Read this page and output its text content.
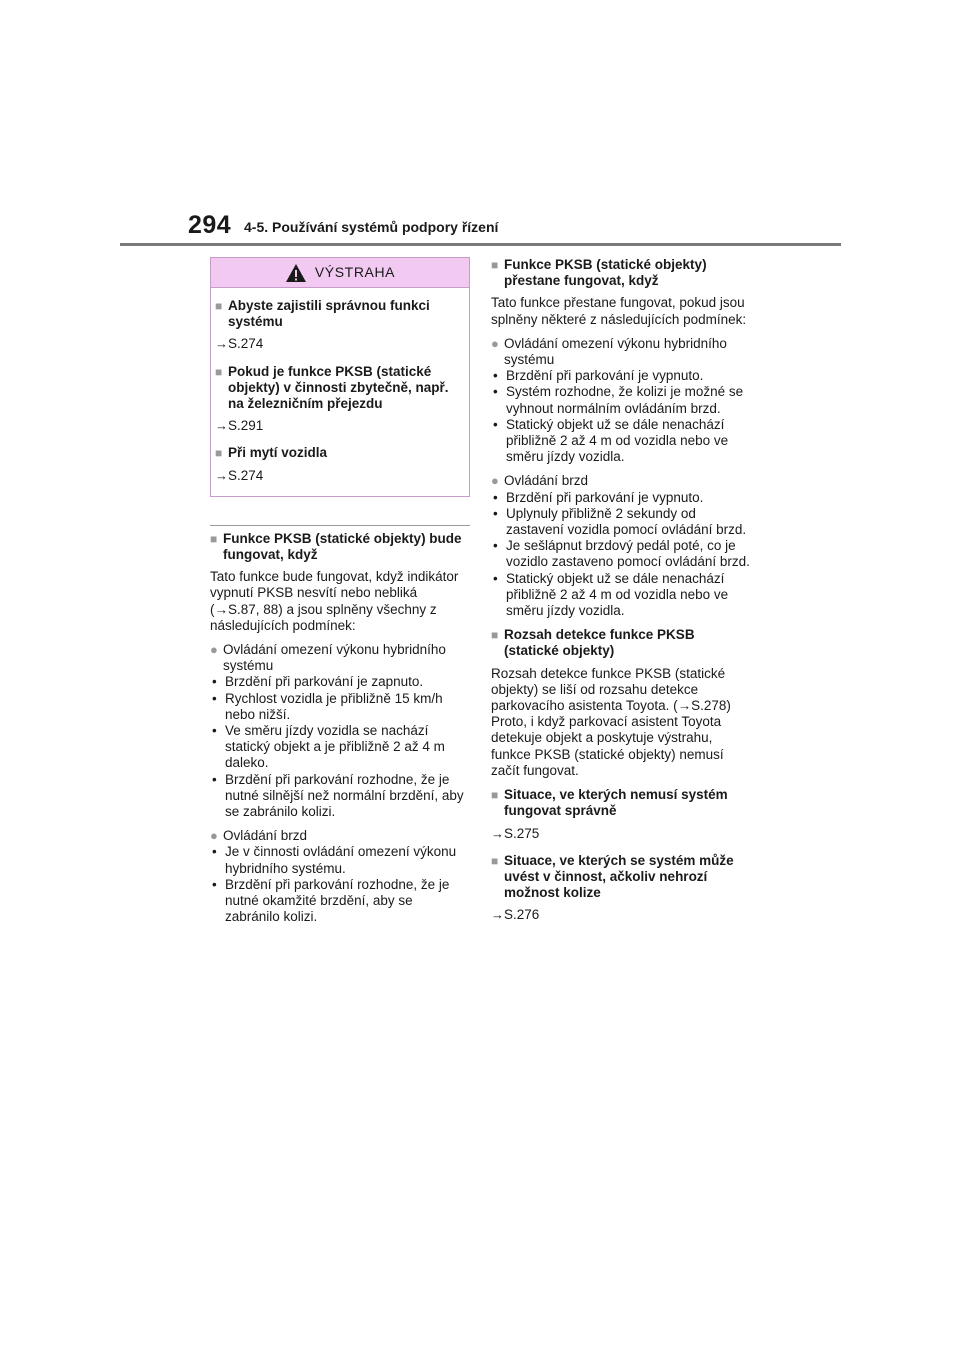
294 4-5. Používání systémů podpory řízení
VÝSTRAHA
■ Abyste zajistili správnou funkci systému
→S.274
■ Pokud je funkce PKSB (statické objekty) v činnosti zbytečně, např. na železničním přejezdu
→S.291
■ Při mytí vozidla
→S.274
■ Funkce PKSB (statické objekty) bude fungovat, když
Tato funkce bude fungovat, když indikátor vypnutí PKSB nesvítí nebo nebliká (→S.87, 88) a jsou splněny všechny z následujících podmínek:
● Ovládání omezení výkonu hybridního systému
• Brzdění při parkování je zapnuto.
• Rychlost vozidla je přibližně 15 km/h nebo nižší.
• Ve směru jízdy vozidla se nachází statický objekt a je přibližně 2 až 4 m daleko.
• Brzdění při parkování rozhodne, že je nutné silnější než normální brzdění, aby se zabránilo kolizi.
● Ovládání brzd
• Je v činnosti ovládání omezení výkonu hybridního systému.
• Brzdění při parkování rozhodne, že je nutné okamžité brzdění, aby se zabránilo kolizi.
■ Funkce PKSB (statické objekty) přestane fungovat, když
Tato funkce přestane fungovat, pokud jsou splněny některé z následujících podmínek:
● Ovládání omezení výkonu hybridního systému
• Brzdění při parkování je vypnuto.
• Systém rozhodne, že kolizi je možné se vyhnout normálním ovládáním brzd.
• Statický objekt už se dále nenachází přibližně 2 až 4 m od vozidla nebo ve směru jízdy vozidla.
● Ovládání brzd
• Brzdění při parkování je vypnuto.
• Uplynuly přibližně 2 sekundy od zastavení vozidla pomocí ovládání brzd.
• Je sešlápnut brzdový pedál poté, co je vozidlo zastaveno pomocí ovládání brzd.
• Statický objekt už se dále nenachází přibližně 2 až 4 m od vozidla nebo ve směru jízdy vozidla.
■ Rozsah detekce funkce PKSB (statické objekty)
Rozsah detekce funkce PKSB (statické objekty) se liší od rozsahu detekce parkovacího asistenta Toyota. (→S.278) Proto, i když parkovací asistent Toyota detekuje objekt a poskytuje výstrahu, funkce PKSB (statické objekty) nemusí začít fungovat.
■ Situace, ve kterých nemusí systém fungovat správně
→S.275
■ Situace, ve kterých se systém může uvést v činnost, ačkoliv nehrozí možnost kolize
→S.276
